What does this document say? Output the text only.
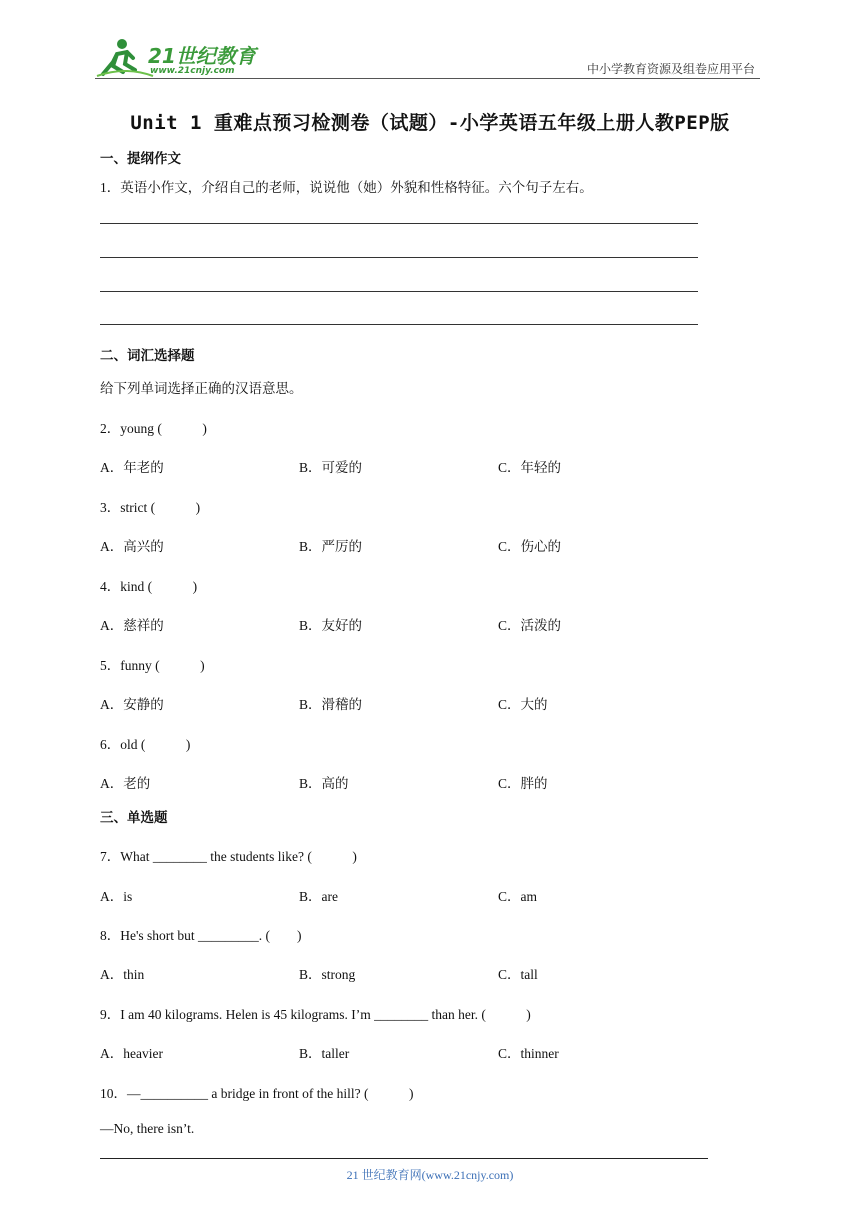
21世纪教育
www.21cnjy.com	中小学教育资源及组卷应用平台
Unit 1 重难点预习检测卷（试题）-小学英语五年级上册人教PEP版
一、提纲作文
1．英语小作文，介绍自己的老师，说说他（她）外貌和性格特征。六个句子左右。
二、词汇选择题
给下列单词选择正确的汉语意思。
2．young (　　　)
A．年老的	B．可爱的	C．年轻的
3．strict (　　　)
A．高兴的	B．严厉的	C．伤心的
4．kind (　　　)
A．慈祥的	B．友好的	C．活泼的
5．funny (　　　)
A．安静的	B．滑稽的	C．大的
6．old (　　　)
A．老的	B．高的	C．胖的
三、单选题
7．What ________ the students like? (　　　)
A．is	B．are	C．am
8．He's short but _________. (　　)
A．thin	B．strong	C．tall
9．I am 40 kilograms. Helen is 45 kilograms. I’m ________ than her. (　　　)
A．heavier	B．taller	C．thinner
10．—__________ a bridge in front of the hill? (　　　)
—No, there isn’t.
21 世纪教育网(www.21cnjy.com)
